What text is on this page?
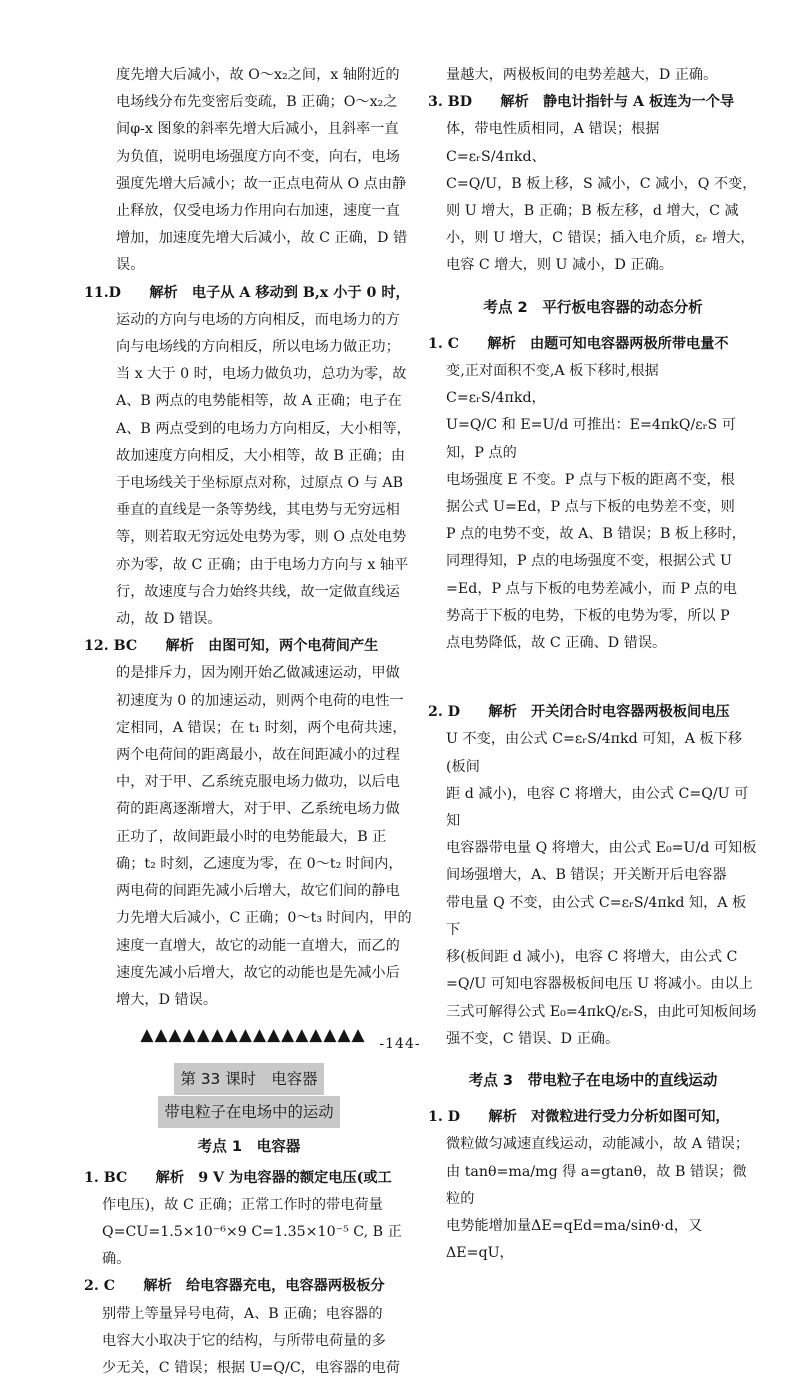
度先增大后减小，故 O～x₂之间，x 轴附近的
电场线分布先变密后变疏，B 正确；O～x₂之
间φ-x 图象的斜率先增大后减小，且斜率一直
为负值，说明电场强度方向不变，向右，电场
强度先增大后减小；故一正点电荷从 O 点由静
止释放，仅受电场力作用向右加速，速度一直
增加，加速度先增大后减小，故 C 正确，D 错
误。
11.D　　解析　电子从 A 移动到 B,x 小于 0 时，
运动的方向与电场的方向相反，而电场力的方
向与电场线的方向相反，所以电场力做正功；
当 x 大于 0 时，电场力做负功，总功为零，故
A、B 两点的电势能相等，故 A 正确；电子在
A、B 两点受到的电场力方向相反，大小相等，
故加速度方向相反，大小相等，故 B 正确；由
于电场线关于坐标原点对称，过原点 O 与 AB
垂直的直线是一条等势线，其电势与无穷远相
等，则若取无穷远处电势为零，则 O 点处电势
亦为零，故 C 正确；由于电场力方向与 x 轴平
行，故速度与合力始终共线，故一定做直线运
动，故 D 错误。
12. BC　　解析　由图可知，两个电荷间产生
的是排斥力，因为刚开始乙做减速运动，甲做
初速度为 0 的加速运动，则两个电荷的电性一
定相同，A 错误；在 t₁ 时刻，两个电荷共速，
两个电荷间的距离最小，故在间距减小的过程
中，对于甲、乙系统克服电场力做功，以后电
荷的距离逐渐增大，对于甲、乙系统电场力做
正功了，故间距最小时的电势能最大，B 正
确；t₂ 时刻，乙速度为零，在 0～t₂ 时间内，
两电荷的间距先减小后增大，故它们间的静电
力先增大后减小，C 正确；0～t₃ 时间内，甲的
速度一直增大，故它的动能一直增大，而乙的
速度先减小后增大，故它的动能也是先减小后
增大，D 错误。
▲▲▲▲▲▲▲▲▲▲▲▲▲▲▲▲
第 33 课时　电容器
带电粒子在电场中的运动
考点 1　电容器
1. BC　　解析　9 V 为电容器的额定电压(或工
作电压)，故 C 正确；正常工作时的带电荷量
Q=CU=1.5×10⁻⁶×9 C=1.35×10⁻⁵ C, B 正
确。
2. C　　解析　给电容器充电，电容器两极板分
别带上等量异号电荷，A、B 正确；电容器的
电容大小取决于它的结构，与所带电荷量的多
少无关，C 错误；根据 U=Q/C，电容器的电荷
量越大，两极板间的电势差越大，D 正确。
3. BD　　解析　静电计指针与 A 板连为一个导
体，带电性质相同，A 错误；根据 C=εᵣS/4πkd、
C=Q/U，B 板上移，S 减小，C 减小，Q 不变，
则 U 增大，B 正确；B 板左移，d 增大，C 减
小，则 U 增大，C 错误；插入电介质，εᵣ 增大，
电容 C 增大，则 U 减小，D 正确。
考点 2　平行板电容器的动态分析
1. C　　解析　由题可知电容器两极所带电量不
变,正对面积不变,A 板下移时,根据 C=εᵣS/4πkd，
U=Q/C 和 E=U/d 可推出：E=4πkQ/εᵣS 可知，P 点的
电场强度 E 不变。P 点与下板的距离不变，根
据公式 U=Ed，P 点与下板的电势差不变，则
P 点的电势不变，故 A、B 错误；B 板上移时，
同理得知，P 点的电场强度不变，根据公式 U
=Ed，P 点与下板的电势差减小，而 P 点的电
势高于下板的电势，下板的电势为零，所以 P
点电势降低，故 C 正确、D 错误。
2. D　　解析　开关闭合时电容器两极板间电压
U 不变，由公式 C=εᵣS/4πkd 可知，A 板下移(板间
距 d 减小)，电容 C 将增大，由公式 C=Q/U 可知
电容器带电量 Q 将增大，由公式 E₀=U/d 可知板
间场强增大，A、B 错误；开关断开后电容器
带电量 Q 不变，由公式 C=εᵣS/4πkd 知，A 板下
移(板间距 d 减小)，电容 C 将增大，由公式 C
=Q/U 可知电容器极板间电压 U 将减小。由以上
三式可解得公式 E₀=4πkQ/εᵣS，由此可知板间场
强不变，C 错误、D 正确。
考点 3　带电粒子在电场中的直线运动
1. D　　解析　对微粒进行受力分析如图可知，
微粒做匀减速直线运动，动能减小，故 A 错误；
由 tanθ=ma/mg 得 a=gtanθ，故 B 错误；微粒的
电势能增加量ΔE=qEd=ma/sinθ·d，又ΔE=qU，
-144-
